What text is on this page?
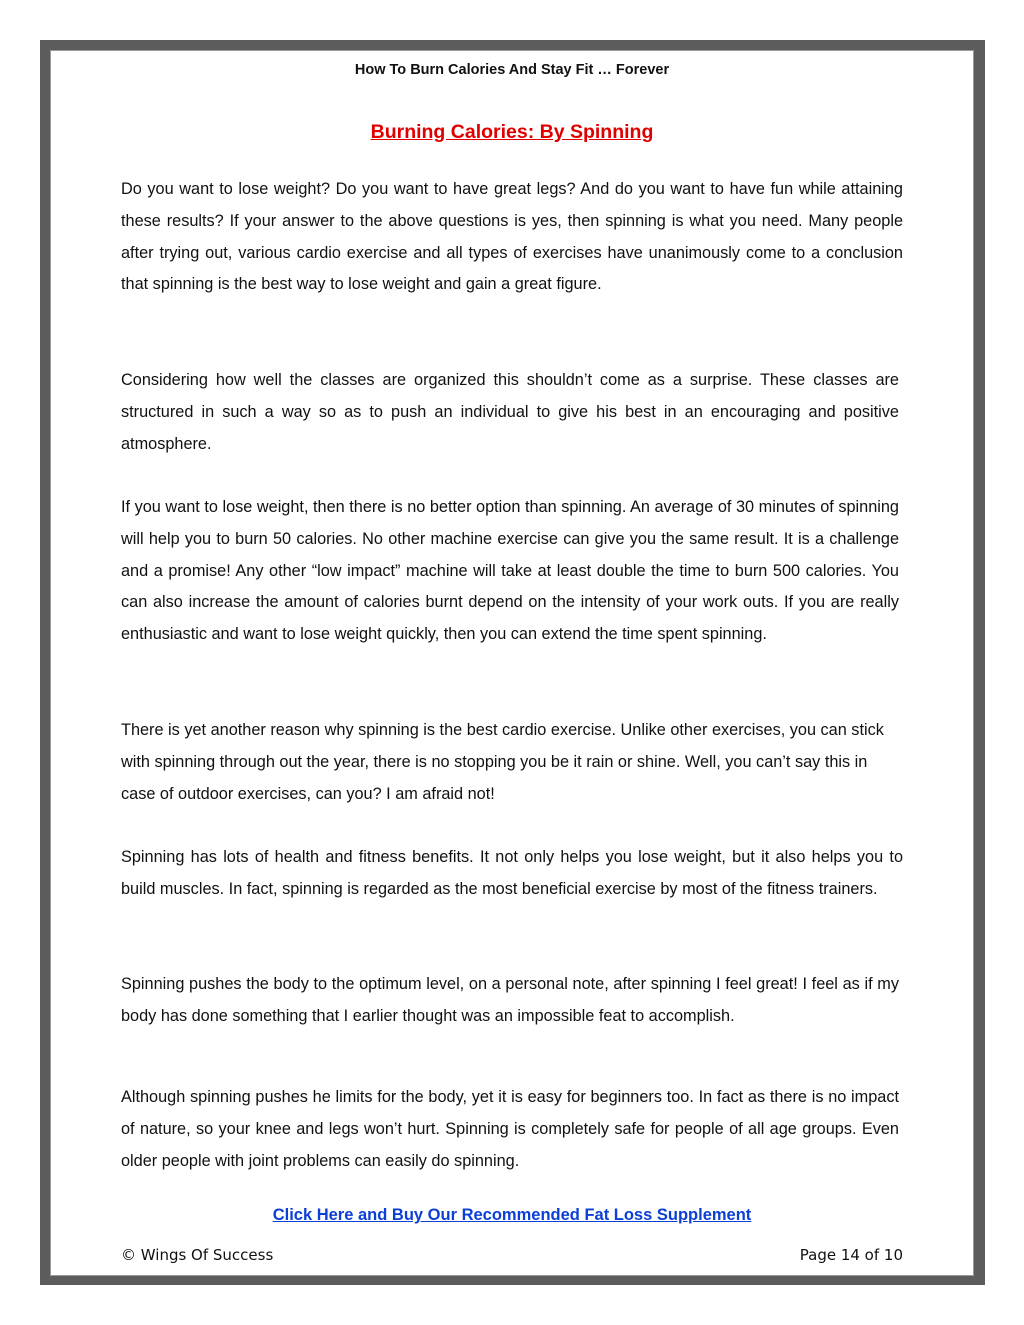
How To Burn Calories And Stay Fit … Forever
Burning Calories: By Spinning

Do you want to lose weight? Do you want to have great legs? And do you want to have fun while attaining these results? If your answer to the above questions is yes, then spinning is what you need. Many people after trying out, various cardio exercise and all types of exercises have unanimously come to a conclusion that spinning is the best way to lose weight and gain a great figure.

Considering how well the classes are organized this shouldn’t come as a surprise. These classes are structured in such a way so as to push an individual to give his best in an encouraging and positive atmosphere.

If you want to lose weight, then there is no better option than spinning. An average of 30 minutes of spinning will help you to burn 50 calories. No other machine exercise can give you the same result. It is a challenge and a promise! Any other “low impact” machine will take at least double the time to burn 500 calories. You can also increase the amount of calories burnt depend on the intensity of your work outs. If you are really enthusiastic and want to lose weight quickly, then you can extend the time spent spinning.

There is yet another reason why spinning is the best cardio exercise. Unlike other exercises, you can stick with spinning through out the year, there is no stopping you be it rain or shine. Well, you can’t say this in case of outdoor exercises, can you? I am afraid not!

Spinning has lots of health and fitness benefits. It not only helps you lose weight, but it also helps you to build muscles. In fact, spinning is regarded as the most beneficial exercise by most of the fitness trainers.

Spinning pushes the body to the optimum level, on a personal note, after spinning I feel great! I feel as if my body has done something that I earlier thought was an impossible feat to accomplish.

Although spinning pushes he limits for the body, yet it is easy for beginners too. In fact as there is no impact of nature, so your knee and legs won’t hurt. Spinning is completely safe for people of all age groups. Even older people with joint problems can easily do spinning.

Click Here and Buy Our Recommended Fat Loss Supplement
© Wings Of Success	Page 14 of 10
